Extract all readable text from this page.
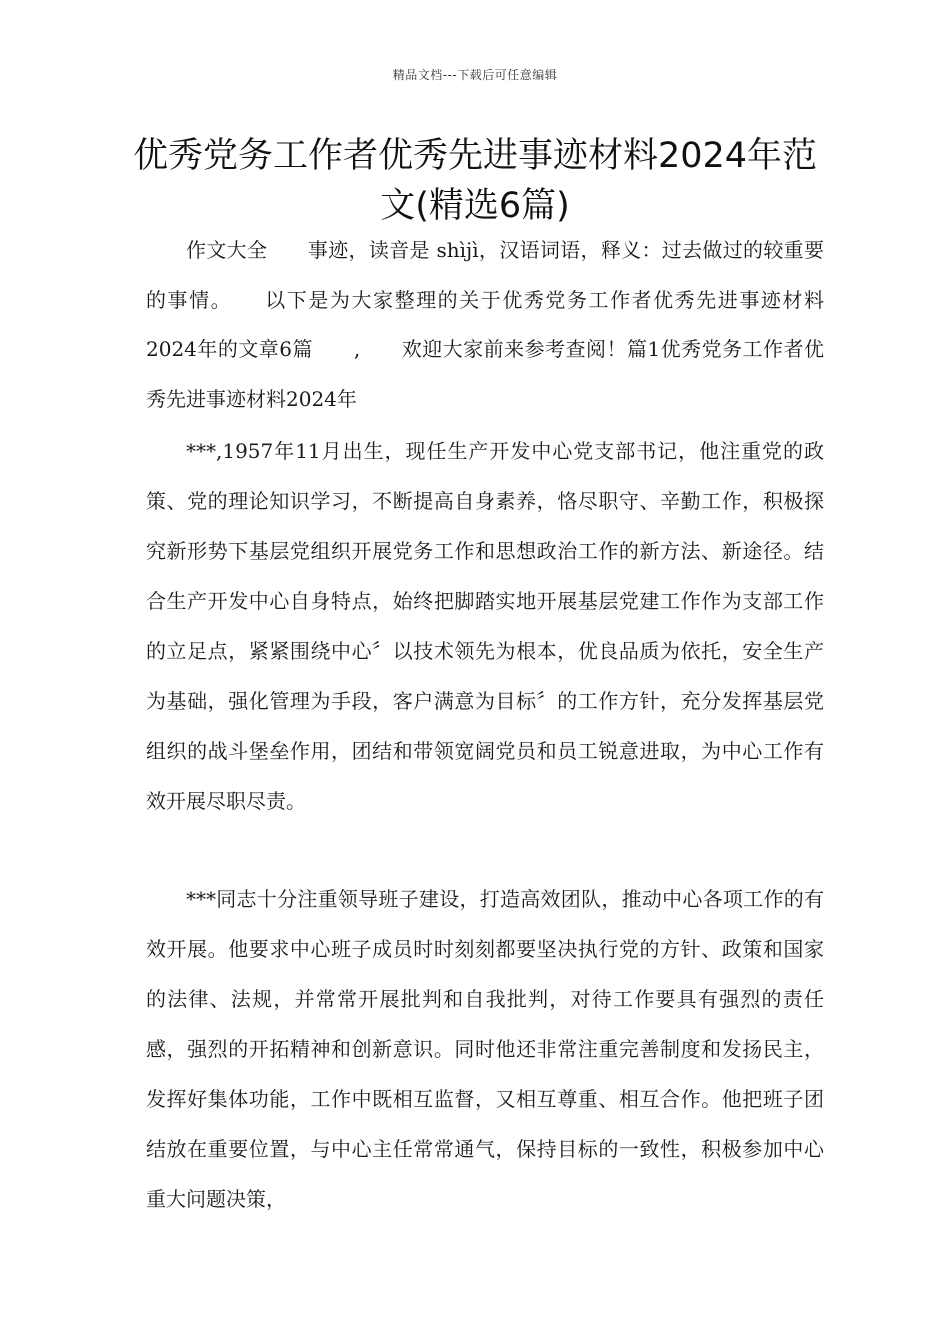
精品文档---下载后可任意编辑
优秀党务工作者优秀先进事迹材料2024年范文(精选6篇)

作文大全　　事迹，读音是 shìjì，汉语词语，释义：过去做过的较重要的事情。　　以下是为大家整理的关于优秀党务工作者优秀先进事迹材料2024年的文章6篇　　,　　欢迎大家前来参考查阅！篇1优秀党务工作者优秀先进事迹材料2024年

***,1957年11月出生，现任生产开发中心党支部书记，他注重党的政策、党的理论知识学习，不断提高自身素养，恪尽职守、辛勤工作，积极探究新形势下基层党组织开展党务工作和思想政治工作的新方法、新途径。结合生产开发中心自身特点，始终把脚踏实地开展基层党建工作作为支部工作的立足点，紧紧围绕中心〞以技术领先为根本，优良品质为依托，安全生产为基础，强化管理为手段，客户满意为目标〞的工作方针，充分发挥基层党组织的战斗堡垒作用，团结和带领宽阔党员和员工锐意进取，为中心工作有效开展尽职尽责。

***同志十分注重领导班子建设，打造高效团队，推动中心各项工作的有效开展。他要求中心班子成员时时刻刻都要坚决执行党的方针、政策和国家的法律、法规，并常常开展批判和自我批判，对待工作要具有强烈的责任感，强烈的开拓精神和创新意识。同时他还非常注重完善制度和发扬民主，发挥好集体功能，工作中既相互监督，又相互尊重、相互合作。他把班子团结放在重要位置，与中心主任常常通气，保持目标的一致性，积极参加中心重大问题决策，
